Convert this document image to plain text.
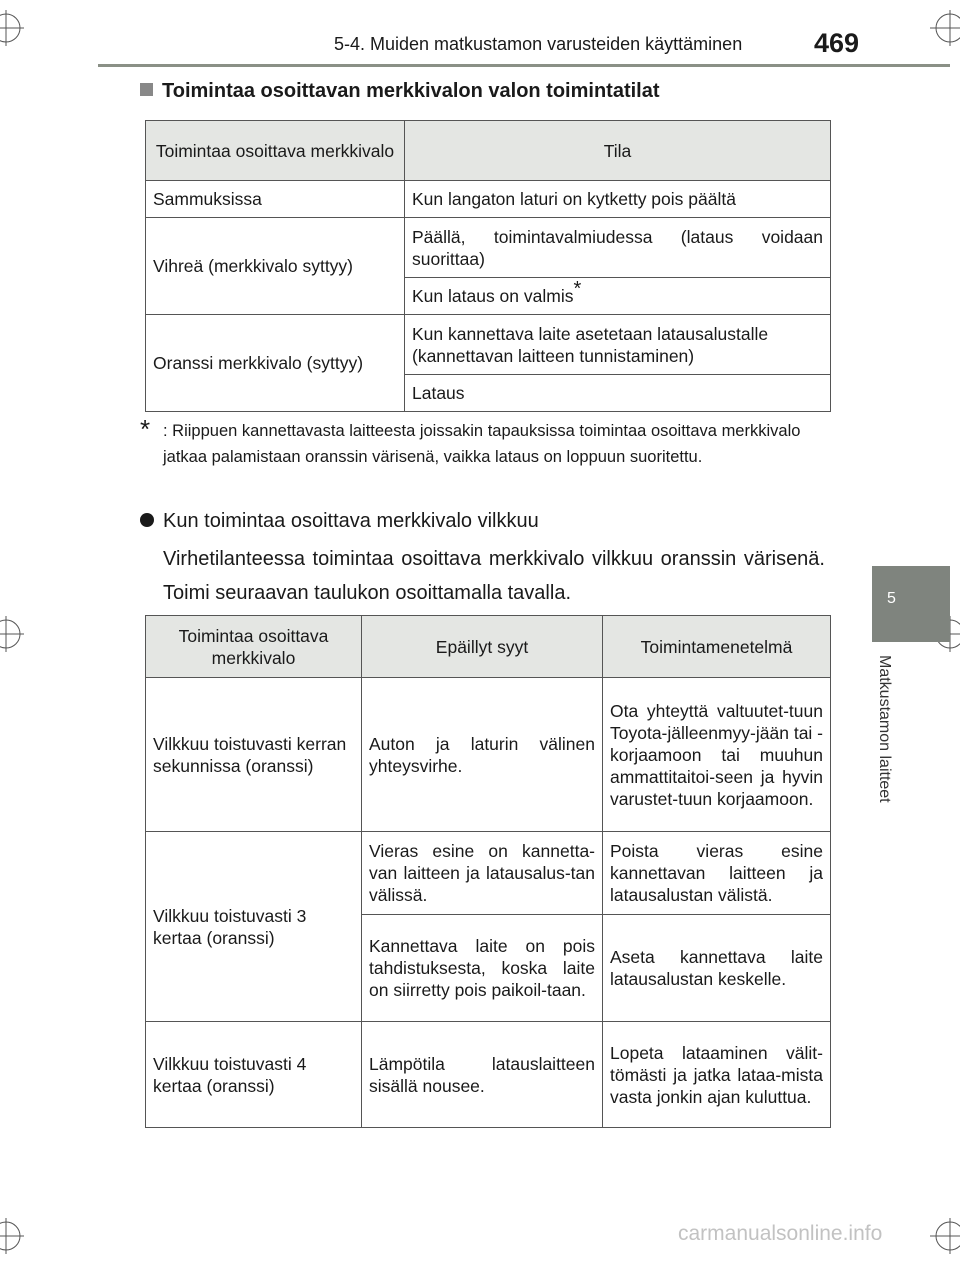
5-4. Muiden matkustamon varusteiden käyttäminen	469
5
Matkustamon laitteet
Toimintaa osoittavan merkkivalon valon toimintatilat
Toimintaa osoittava merkkivalo	Tila
Sammuksissa	Kun langaton laturi on kytketty pois päältä
Vihreä (merkkivalo syttyy)	Päällä, toimintavalmiudessa (lataus voidaan suorittaa)
	Kun lataus on valmis*
Oranssi merkkivalo (syttyy)	Kun kannettava laite asetetaan latausalustalle (kannettavan laitteen tunnistaminen)
	Lataus
* : Riippuen kannettavasta laitteesta joissakin tapauksissa toimintaa osoittava merkkivalo jatkaa palamistaan oranssin värisenä, vaikka lataus on loppuun suoritettu.
Kun toimintaa osoittava merkkivalo vilkkuu
Virhetilanteessa toimintaa osoittava merkkivalo vilkkuu oranssin värisenä. Toimi seuraavan taulukon osoittamalla tavalla.
Toimintaa osoittava merkkivalo	Epäillyt syyt	Toimintamenetelmä
Vilkkuu toistuvasti kerran sekunnissa (oranssi)	Auton ja laturin välinen yhteysvirhe.	Ota yhteyttä valtuutet-tuun Toyota-jälleenmyy-jään tai -korjaamoon tai muuhun ammattitaitoi-seen ja hyvin varustet-tuun korjaamoon.
Vilkkuu toistuvasti 3 kertaa (oranssi)	Vieras esine on kannetta-van laitteen ja latausalus-tan välissä.	Poista vieras esine kannettavan laitteen ja latausalustan välistä.
	Kannettava laite on pois tahdistuksesta, koska laite on siirretty pois paikoil-taan.	Aseta kannettava laite latausalustan keskelle.
Vilkkuu toistuvasti 4 kertaa (oranssi)	Lämpötila latauslaitteen sisällä nousee.	Lopeta lataaminen välit-tömästi ja jatka lataa-mista vasta jonkin ajan kuluttua.
carmanualsonline.info
